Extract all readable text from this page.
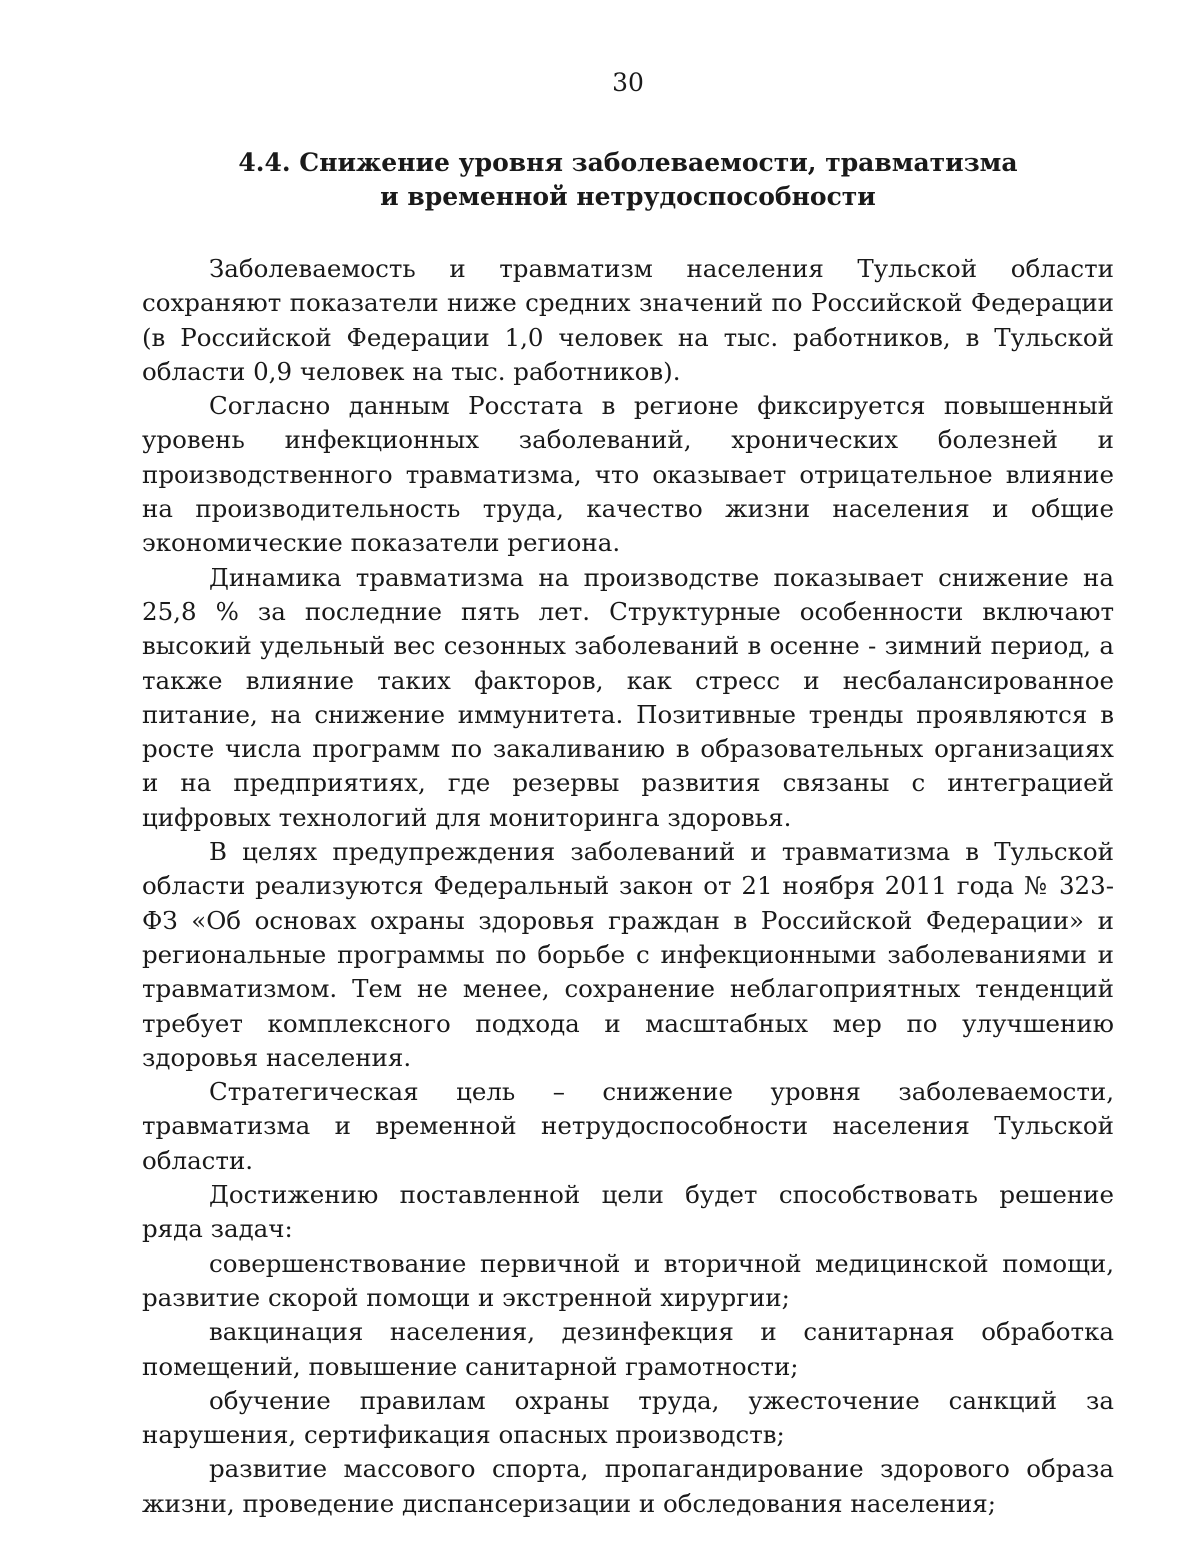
30
4.4. Снижение уровня заболеваемости, травматизма
и временной нетрудоспособности

Заболеваемость и травматизм населения Тульской области сохраняют показатели ниже средних значений по Российской Федерации (в Российской Федерации 1,0 человек на тыс. работников, в Тульской области 0,9 человек на тыс. работников).

Согласно данным Росстата в регионе фиксируется повышенный уровень инфекционных заболеваний, хронических болезней и производственного травматизма, что оказывает отрицательное влияние на производительность труда, качество жизни населения и общие экономические показатели региона.

Динамика травматизма на производстве показывает снижение на 25,8 % за последние пять лет. Структурные особенности включают высокий удельный вес сезонных заболеваний в осенне - зимний период, а также влияние таких факторов, как стресс и несбалансированное питание, на снижение иммунитета. Позитивные тренды проявляются в росте числа программ по закаливанию в образовательных организациях и на предприятиях, где резервы развития связаны с интеграцией цифровых технологий для мониторинга здоровья.

В целях предупреждения заболеваний и травматизма в Тульской области реализуются Федеральный закон от 21 ноября 2011 года № 323-ФЗ «Об основах охраны здоровья граждан в Российской Федерации» и региональные программы по борьбе с инфекционными заболеваниями и травматизмом. Тем не менее, сохранение неблагоприятных тенденций требует комплексного подхода и масштабных мер по улучшению здоровья населения.

Стратегическая цель – снижение уровня заболеваемости, травматизма и временной нетрудоспособности населения Тульской области.

Достижению поставленной цели будет способствовать решение ряда задач:

совершенствование первичной и вторичной медицинской помощи, развитие скорой помощи и экстренной хирургии;

вакцинация населения, дезинфекция и санитарная обработка помещений, повышение санитарной грамотности;

обучение правилам охраны труда, ужесточение санкций за нарушения, сертификация опасных производств;

развитие массового спорта, пропагандирование здорового образа жизни, проведение диспансеризации и обследования населения;
